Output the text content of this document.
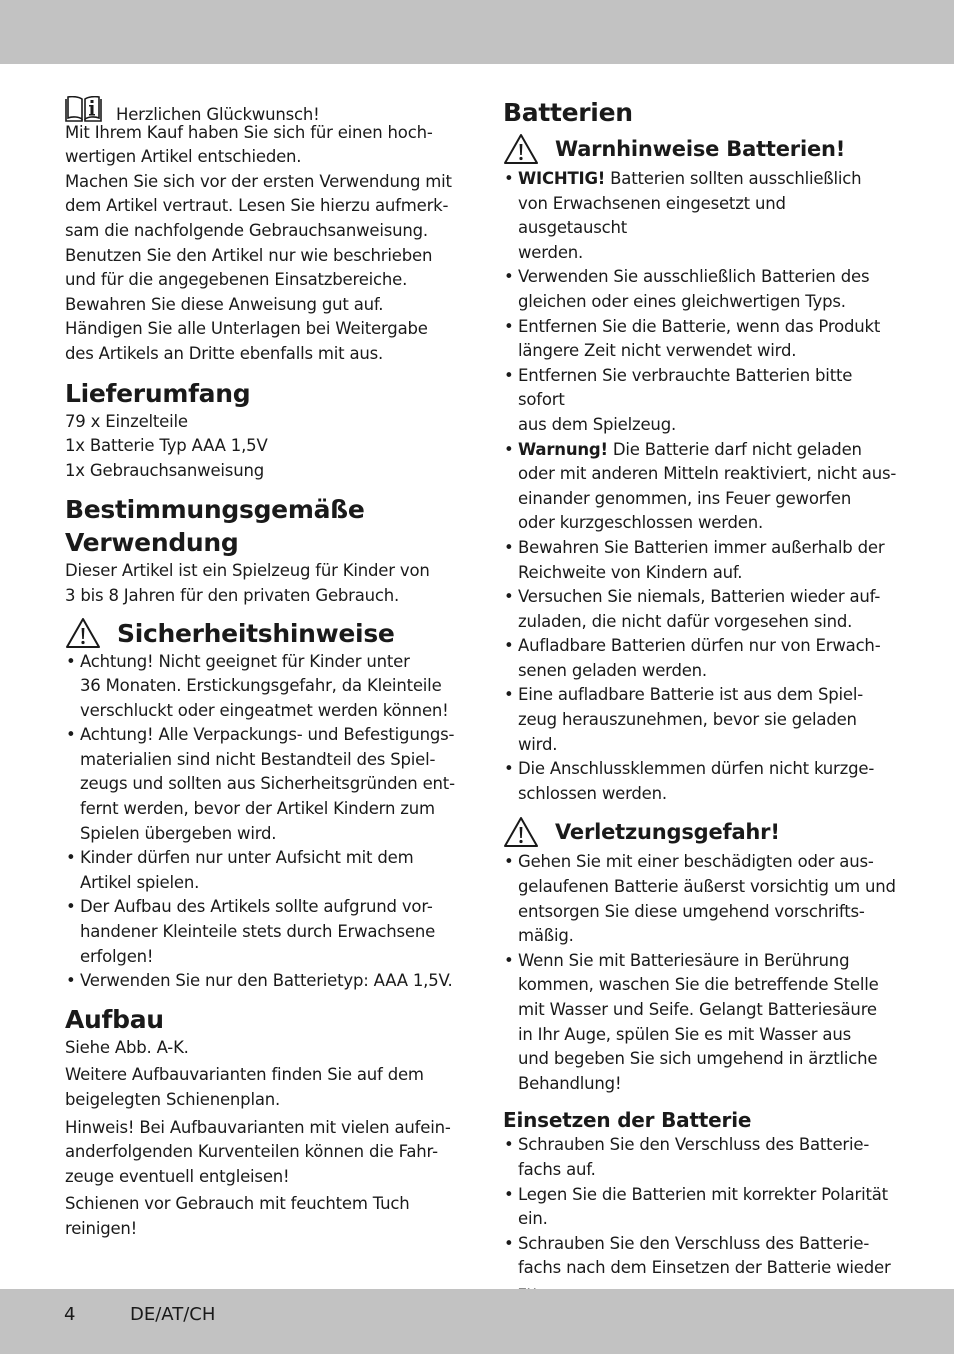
Herzlichen Glückwunsch!
Mit Ihrem Kauf haben Sie sich für einen hoch-
wertigen Artikel entschieden.
Machen Sie sich vor der ersten Verwendung mit
dem Artikel vertraut. Lesen Sie hierzu aufmerk-
sam die nachfolgende Gebrauchsanweisung.
Benutzen Sie den Artikel nur wie beschrieben
und für die angegebenen Einsatzbereiche.
Bewahren Sie diese Anweisung gut auf.
Händigen Sie alle Unterlagen bei Weitergabe
des Artikels an Dritte ebenfalls mit aus.
Lieferumfang
79 x Einzelteile
1x Batterie Typ AAA 1,5V
1x Gebrauchsanweisung
Bestimmungsgemäße
Verwendung
Dieser Artikel ist ein Spielzeug für Kinder von
3 bis 8 Jahren für den privaten Gebrauch.
Sicherheitshinweise
• Achtung! Nicht geeignet für Kinder unter
36 Monaten. Erstickungsgefahr, da Kleinteile
verschluckt oder eingeatmet werden können!
• Achtung! Alle Verpackungs- und Befestigungs-
materialien sind nicht Bestandteil des Spiel-
zeugs und sollten aus Sicherheitsgründen ent-
fernt werden, bevor der Artikel Kindern zum
Spielen übergeben wird.
• Kinder dürfen nur unter Aufsicht mit dem
Artikel spielen.
• Der Aufbau des Artikels sollte aufgrund vor-
handener Kleinteile stets durch Erwachsene
erfolgen!
• Verwenden Sie nur den Batterietyp: AAA 1,5V.
Aufbau
Siehe Abb. A-K.
Weitere Aufbauvarianten finden Sie auf dem
beigelegten Schienenplan.
Hinweis! Bei Aufbauvarianten mit vielen aufein-
anderfolgenden Kurventeilen können die Fahr-
zeuge eventuell entgleisen!
Schienen vor Gebrauch mit feuchtem Tuch
reinigen!
Batterien
Warnhinweise Batterien!
• WICHTIG! Batterien sollten ausschließlich
von Erwachsenen eingesetzt und ausgetauscht
werden.
• Verwenden Sie ausschließlich Batterien des
gleichen oder eines gleichwertigen Typs.
• Entfernen Sie die Batterie, wenn das Produkt
längere Zeit nicht verwendet wird.
• Entfernen Sie verbrauchte Batterien bitte sofort
aus dem Spielzeug.
• Warnung! Die Batterie darf nicht geladen
oder mit anderen Mitteln reaktiviert, nicht aus-
einander genommen, ins Feuer geworfen
oder kurzgeschlossen werden.
• Bewahren Sie Batterien immer außerhalb der
Reichweite von Kindern auf.
• Versuchen Sie niemals, Batterien wieder auf-
zuladen, die nicht dafür vorgesehen sind.
• Aufladbare Batterien dürfen nur von Erwach-
senen geladen werden.
• Eine aufladbare Batterie ist aus dem Spiel-
zeug herauszunehmen, bevor sie geladen
wird.
• Die Anschlussklemmen dürfen nicht kurzge-
schlossen werden.
Verletzungsgefahr!
• Gehen Sie mit einer beschädigten oder aus-
gelaufenen Batterie äußerst vorsichtig um und
entsorgen Sie diese umgehend vorschrifts-
mäßig.
• Wenn Sie mit Batteriesäure in Berührung
kommen, waschen Sie die betreffende Stelle
mit Wasser und Seife. Gelangt Batteriesäure
in Ihr Auge, spülen Sie es mit Wasser aus
und begeben Sie sich umgehend in ärztliche
Behandlung!
Einsetzen der Batterie
• Schrauben Sie den Verschluss des Batterie-
fachs auf.
• Legen Sie die Batterien mit korrekter Polarität
ein.
• Schrauben Sie den Verschluss des Batterie-
fachs nach dem Einsetzen der Batterie wieder
4	DE/AT/CH
